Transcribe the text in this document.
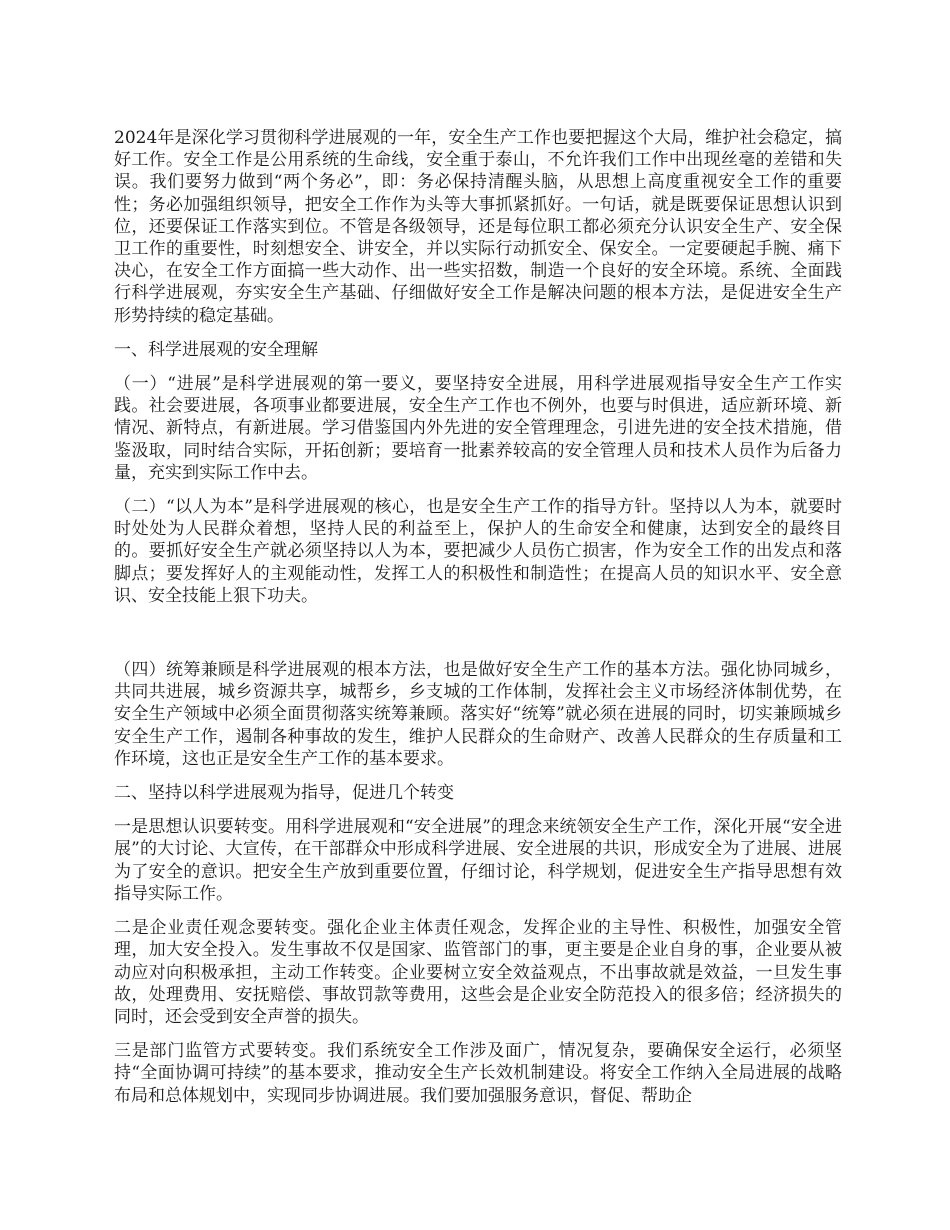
2024年是深化学习贯彻科学进展观的一年，安全生产工作也要把握这个大局，维护社会稳定，搞好工作。安全工作是公用系统的生命线，安全重于泰山，不允许我们工作中出现丝毫的差错和失误。我们要努力做到“两个务必”，即：务必保持清醒头脑，从思想上高度重视安全工作的重要性；务必加强组织领导，把安全工作作为头等大事抓紧抓好。一句话，就是既要保证思想认识到位，还要保证工作落实到位。不管是各级领导，还是每位职工都必须充分认识安全生产、安全保卫工作的重要性，时刻想安全、讲安全，并以实际行动抓安全、保安全。一定要硬起手腕、痛下决心，在安全工作方面搞一些大动作、出一些实招数，制造一个良好的安全环境。系统、全面践行科学进展观，夯实安全生产基础、仔细做好安全工作是解决问题的根本方法，是促进安全生产形势持续的稳定基础。

一、科学进展观的安全理解

（一）“进展”是科学进展观的第一要义，要坚持安全进展，用科学进展观指导安全生产工作实践。社会要进展，各项事业都要进展，安全生产工作也不例外，也要与时俱进，适应新环境、新情况、新特点，有新进展。学习借鉴国内外先进的安全管理理念，引进先进的安全技术措施，借鉴汲取，同时结合实际，开拓创新；要培育一批素养较高的安全管理人员和技术人员作为后备力量，充实到实际工作中去。

（二）“以人为本”是科学进展观的核心，也是安全生产工作的指导方针。坚持以人为本，就要时时处处为人民群众着想，坚持人民的利益至上，保护人的生命安全和健康，达到安全的最终目的。要抓好安全生产就必须坚持以人为本，要把减少人员伤亡损害，作为安全工作的出发点和落脚点；要发挥好人的主观能动性，发挥工人的积极性和制造性；在提高人员的知识水平、安全意识、安全技能上狠下功夫。

（四）统筹兼顾是科学进展观的根本方法，也是做好安全生产工作的基本方法。强化协同城乡，共同共进展，城乡资源共享，城帮乡，乡支城的工作体制，发挥社会主义市场经济体制优势，在安全生产领域中必须全面贯彻落实统筹兼顾。落实好“统筹”就必须在进展的同时，切实兼顾城乡安全生产工作，遏制各种事故的发生，维护人民群众的生命财产、改善人民群众的生存质量和工作环境，这也正是安全生产工作的基本要求。

二、坚持以科学进展观为指导，促进几个转变

一是思想认识要转变。用科学进展观和“安全进展”的理念来统领安全生产工作，深化开展“安全进展”的大讨论、大宣传，在干部群众中形成科学进展、安全进展的共识，形成安全为了进展、进展为了安全的意识。把安全生产放到重要位置，仔细讨论，科学规划，促进安全生产指导思想有效指导实际工作。

二是企业责任观念要转变。强化企业主体责任观念，发挥企业的主导性、积极性，加强安全管理，加大安全投入。发生事故不仅是国家、监管部门的事，更主要是企业自身的事，企业要从被动应对向积极承担，主动工作转变。企业要树立安全效益观点，不出事故就是效益，一旦发生事故，处理费用、安抚赔偿、事故罚款等费用，这些会是企业安全防范投入的很多倍；经济损失的同时，还会受到安全声誉的损失。

三是部门监管方式要转变。我们系统安全工作涉及面广，情况复杂，要确保安全运行，必须坚持“全面协调可持续”的基本要求，推动安全生产长效机制建设。将安全工作纳入全局进展的战略布局和总体规划中，实现同步协调进展。我们要加强服务意识，督促、帮助企
